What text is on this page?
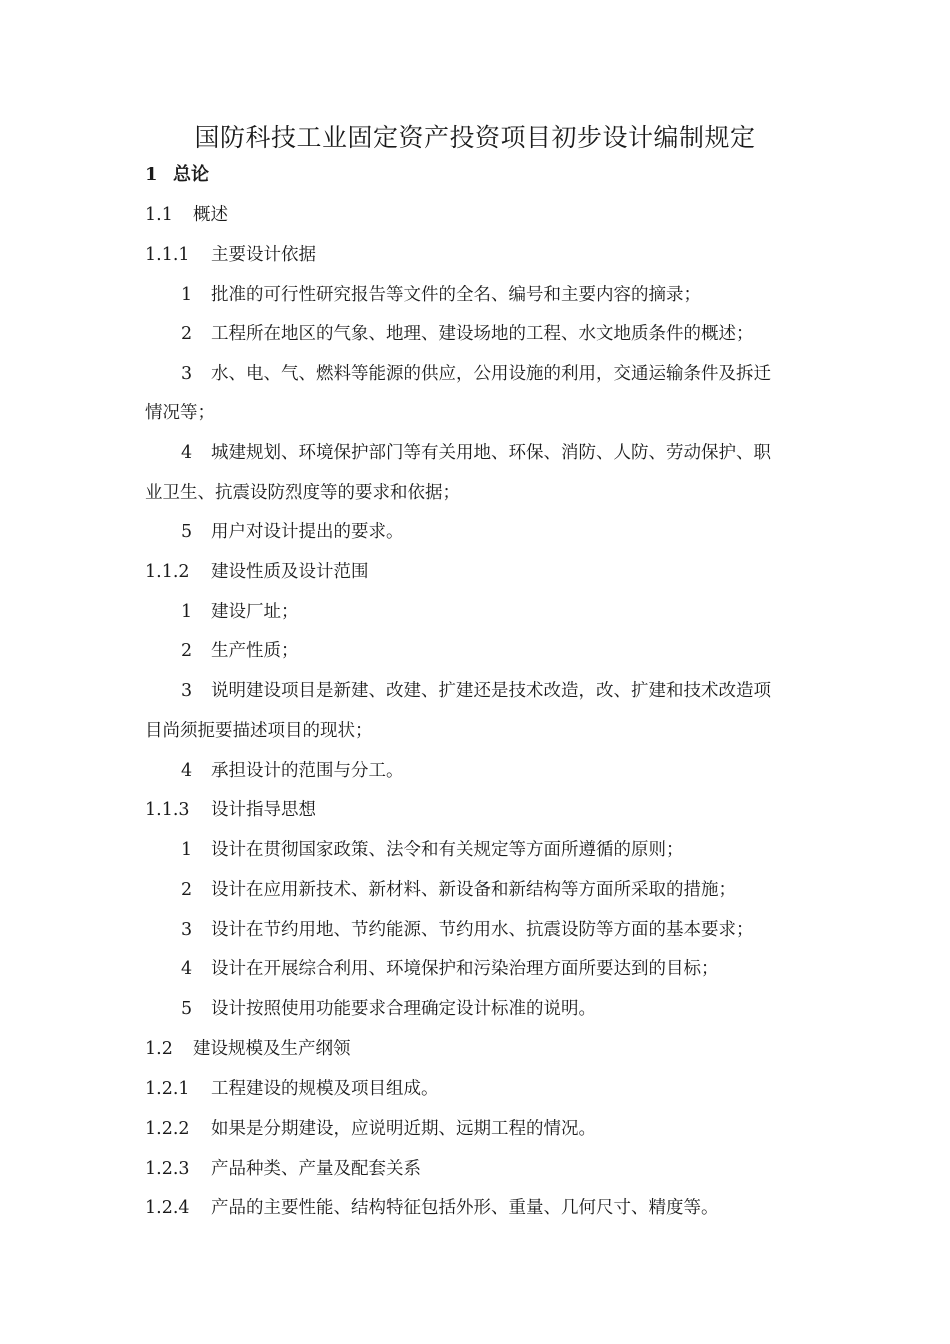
国防科技工业固定资产投资项目初步设计编制规定
1 总论
1.1 概述
1.1.1 主要设计依据
1 批准的可行性研究报告等文件的全名、编号和主要内容的摘录；
2 工程所在地区的气象、地理、建设场地的工程、水文地质条件的概述；
3 水、电、气、燃料等能源的供应，公用设施的利用，交通运输条件及拆迁
情况等；
4 城建规划、环境保护部门等有关用地、环保、消防、人防、劳动保护、职
业卫生、抗震设防烈度等的要求和依据；
5 用户对设计提出的要求。
1.1.2 建设性质及设计范围
1 建设厂址；
2 生产性质；
3 说明建设项目是新建、改建、扩建还是技术改造，改、扩建和技术改造项
目尚须扼要描述项目的现状；
4 承担设计的范围与分工。
1.1.3 设计指导思想
1 设计在贯彻国家政策、法令和有关规定等方面所遵循的原则；
2 设计在应用新技术、新材料、新设备和新结构等方面所采取的措施；
3 设计在节约用地、节约能源、节约用水、抗震设防等方面的基本要求；
4 设计在开展综合利用、环境保护和污染治理方面所要达到的目标；
5 设计按照使用功能要求合理确定设计标准的说明。
1.2 建设规模及生产纲领
1.2.1 工程建设的规模及项目组成。
1.2.2 如果是分期建设，应说明近期、远期工程的情况。
1.2.3 产品种类、产量及配套关系
1.2.4 产品的主要性能、结构特征包括外形、重量、几何尺寸、精度等。
